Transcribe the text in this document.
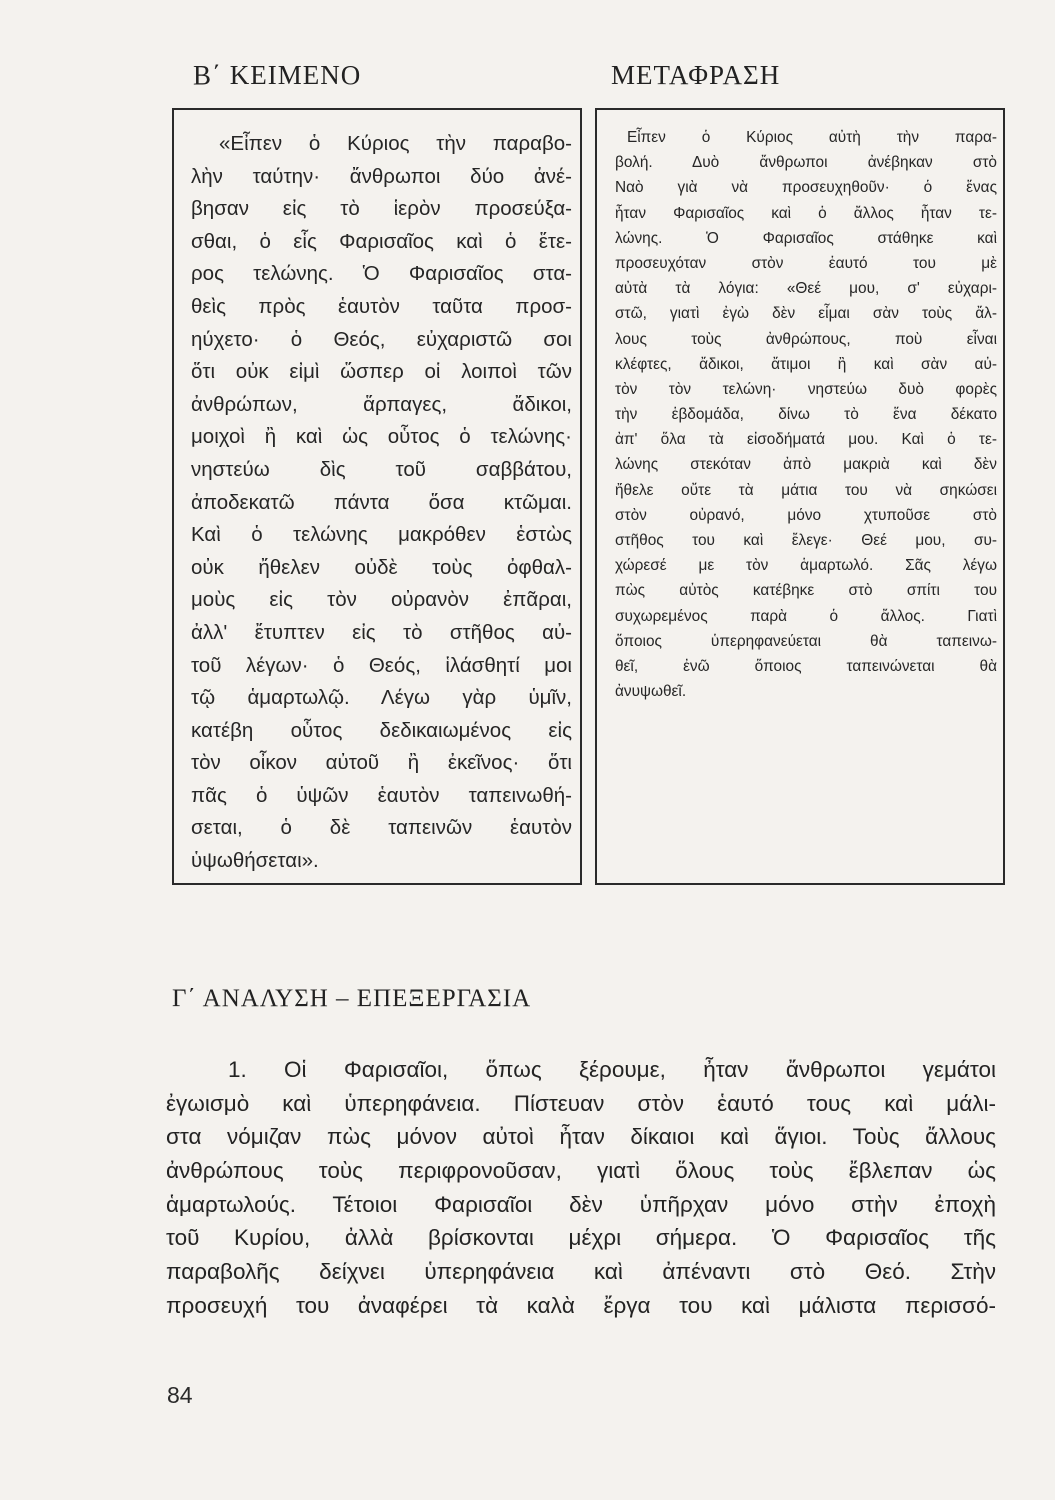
Β΄ ΚΕΙΜΕΝΟ	ΜΕΤΑΦΡΑΣΗ
«Εἶπεν ὁ Κύριος τὴν παραβο-
λὴν ταύτην· ἄνθρωποι δύο ἀνέ-
βησαν εἰς τὸ ἱερὸν προσεύξα-
σθαι, ὁ εἷς Φαρισαῖος καὶ ὁ ἕτε-
ρος τελώνης. Ὁ Φαρισαῖος στα-
θεὶς πρὸς ἑαυτὸν ταῦτα προσ-
ηύχετο· ὁ Θεός, εὐχαριστῶ σοι
ὅτι οὐκ εἰμὶ ὥσπερ οἱ λοιποὶ τῶν
ἀνθρώπων, ἅρπαγες, ἄδικοι,
μοιχοὶ ἢ καὶ ὡς οὗτος ὁ τελώνης·
νηστεύω δὶς τοῦ σαββάτου,
ἀποδεκατῶ πάντα ὅσα κτῶμαι.
Καὶ ὁ τελώνης μακρόθεν ἑστὼς
οὐκ ἤθελεν οὐδὲ τοὺς ὀφθαλ-
μοὺς εἰς τὸν οὐρανὸν ἐπᾶραι,
ἀλλ' ἔτυπτεν εἰς τὸ στῆθος αὐ-
τοῦ λέγων· ὁ Θεός, ἱλάσθητί μοι
τῷ ἁμαρτωλῷ. Λέγω γὰρ ὑμῖν,
κατέβη οὗτος δεδικαιωμένος εἰς
τὸν οἶκον αὐτοῦ ἢ ἐκεῖνος· ὅτι
πᾶς ὁ ὑψῶν ἑαυτὸν ταπεινωθή-
σεται, ὁ δὲ ταπεινῶν ἑαυτὸν
ὑψωθήσεται».
Εἶπεν ὁ Κύριος αὐτὴ τὴν παρα-
βολή. Δυὸ ἄνθρωποι ἀνέβηκαν στὸ
Ναὸ γιὰ νὰ προσευχηθοῦν· ὁ ἕνας
ἦταν Φαρισαῖος καὶ ὁ ἄλλος ἦταν τε-
λώνης. Ὁ Φαρισαῖος στάθηκε καὶ
προσευχόταν στὸν ἑαυτό του μὲ
αὐτὰ τὰ λόγια: «Θεέ μου, σ' εὐχαρι-
στῶ, γιατὶ ἐγὼ δὲν εἶμαι σὰν τοὺς ἄλ-
λους τοὺς ἀνθρώπους, ποὺ εἶναι
κλέφτες, ἄδικοι, ἄτιμοι ἢ καὶ σὰν αὐ-
τὸν τὸν τελώνη· νηστεύω δυὸ φορὲς
τὴν ἑβδομάδα, δίνω τὸ ἕνα δέκατο
ἀπ' ὅλα τὰ εἰσοδήματά μου. Καὶ ὁ τε-
λώνης στεκόταν ἀπὸ μακριὰ καὶ δὲν
ἤθελε οὔτε τὰ μάτια του νὰ σηκώσει
στὸν οὐρανό, μόνο χτυποῦσε στὸ
στῆθος του καὶ ἔλεγε· Θεέ μου, συ-
χώρεσέ με τὸν ἁμαρτωλό. Σᾶς λέγω
πὼς αὐτὸς κατέβηκε στὸ σπίτι του
συχωρεμένος παρὰ ὁ ἄλλος. Γιατὶ
ὅποιος ὑπερηφανεύεται θὰ ταπεινω-
θεῖ, ἐνῶ ὅποιος ταπεινώνεται θὰ
ἀνυψωθεῖ.
Γ΄ ΑΝΑΛΥΣΗ – ΕΠΕΞΕΡΓΑΣΙΑ
1. Οἱ Φαρισαῖοι, ὅπως ξέρουμε, ἦταν ἄνθρωποι γεμάτοι
ἐγωισμὸ καὶ ὑπερηφάνεια. Πίστευαν στὸν ἑαυτό τους καὶ μάλι-
στα νόμιζαν πὼς μόνον αὐτοὶ ἦταν δίκαιοι καὶ ἅγιοι. Τοὺς ἄλλους
ἀνθρώπους τοὺς περιφρονοῦσαν, γιατὶ ὅλους τοὺς ἔβλεπαν ὡς
ἁμαρτωλούς. Τέτοιοι Φαρισαῖοι δὲν ὑπῆρχαν μόνο στὴν ἐποχὴ
τοῦ Κυρίου, ἀλλὰ βρίσκονται μέχρι σήμερα. Ὁ Φαρισαῖος τῆς
παραβολῆς δείχνει ὑπερηφάνεια καὶ ἀπέναντι στὸ Θεό. Στὴν
προσευχή του ἀναφέρει τὰ καλὰ ἔργα του καὶ μάλιστα περισσό-
84
